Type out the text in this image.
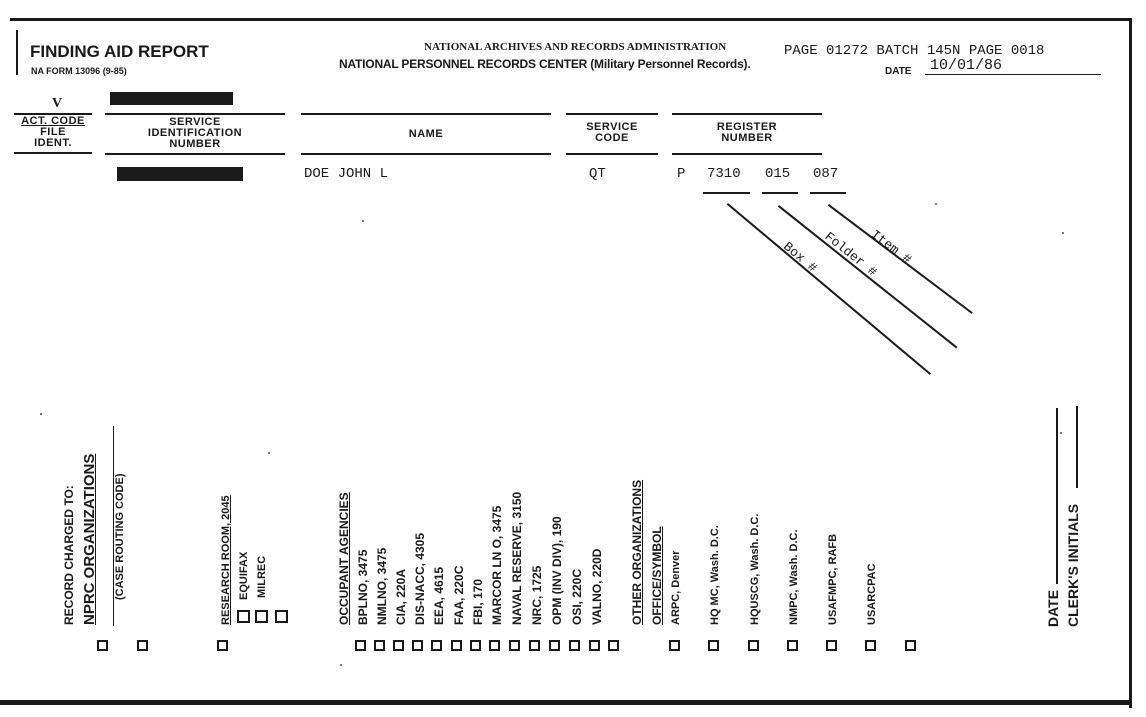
FINDING AID REPORT
NA FORM 13096 (9-85)
NATIONAL ARCHIVES AND RECORDS ADMINISTRATION
NATIONAL PERSONNEL RECORDS CENTER (Military Personnel Records).
PAGE 01272 BATCH 145N PAGE 0018
DATE 10/01/86
V
ACT. CODE
FILE
IDENT.
SERVICE
IDENTIFICATION
NUMBER
NAME
DOE JOHN L
SERVICE
CODE
QT
REGISTER
NUMBER
P 7310 015 087
Box # Folder #
Item #
RECORD CHARGED TO: NPRC ORGANIZATIONS (CASE ROUTING CODE)	RESEARCH ROOM, 2045 EQUIFAX MILREC	OCCUPANT AGENCIES BPLNO, 3475 NMLNO, 3475 CIA, 220A DIS-NACC, 4305 EEA, 4615 FAA, 220C FBI, 170 MARCOR LN O, 3475 NAVAL RESERVE, 3150 NRC, 1725 OPM (INV DIV), 190 OSI, 220C VALNO, 220D OTHER ORGANIZATIONS OFFICE/SYMBOL ARPC, Denver HQ MC, Wash. D.C.	HQUSCG, Wash. D.C. NMPC, Wash. D.C. USAFMPC, RAFB USARCPAC	DATE CLERK'S INITIALS
